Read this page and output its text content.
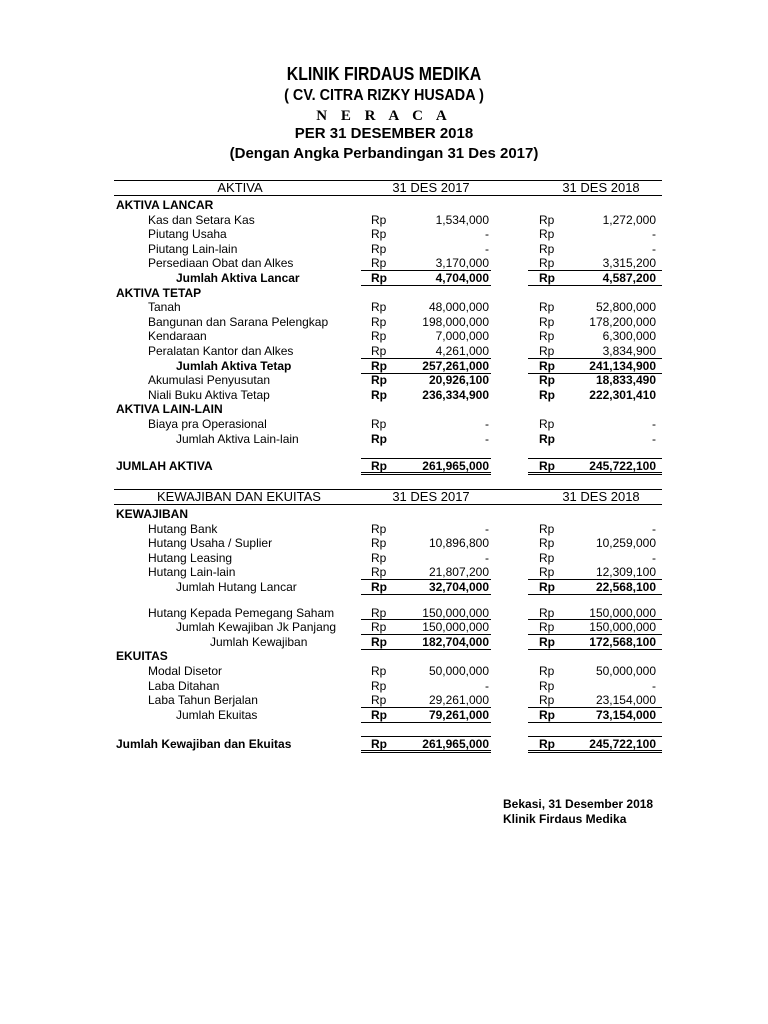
KLINIK FIRDAUS MEDIKA
( CV. CITRA RIZKY HUSADA )
N E R A C A
PER 31 DESEMBER 2018
(Dengan Angka Perbandingan 31 Des 2017)
AKTIVA	31 DES 2017	31 DES 2018
AKTIVA LANCAR
Kas dan Setara Kas	Rp	1,534,000	Rp	1,272,000
Piutang Usaha	Rp	-	Rp	-
Piutang Lain-lain	Rp	-	Rp	-
Persediaan Obat dan Alkes	Rp	3,170,000	Rp	3,315,200
Jumlah Aktiva Lancar	Rp	4,704,000	Rp	4,587,200
AKTIVA TETAP
Tanah	Rp	48,000,000	Rp	52,800,000
Bangunan dan Sarana Pelengkap	Rp	198,000,000	Rp	178,200,000
Kendaraan	Rp	7,000,000	Rp	6,300,000
Peralatan Kantor dan Alkes	Rp	4,261,000	Rp	3,834,900
Jumlah Aktiva Tetap	Rp	257,261,000	Rp	241,134,900
Akumulasi Penyusutan	Rp	20,926,100	Rp	18,833,490
Niali Buku Aktiva Tetap	Rp	236,334,900	Rp	222,301,410
AKTIVA LAIN-LAIN
Biaya pra Operasional	Rp	-	Rp	-
Jumlah Aktiva Lain-lain	Rp	-	Rp	-
JUMLAH AKTIVA	Rp	261,965,000	Rp	245,722,100
KEWAJIBAN DAN EKUITAS	31 DES 2017	31 DES 2018
KEWAJIBAN
Hutang Bank	Rp	-	Rp	-
Hutang Usaha / Suplier	Rp	10,896,800	Rp	10,259,000
Hutang Leasing	Rp	-	Rp	-
Hutang Lain-lain	Rp	21,807,200	Rp	12,309,100
Jumlah Hutang Lancar	Rp	32,704,000	Rp	22,568,100
Hutang Kepada Pemegang Saham	Rp	150,000,000	Rp	150,000,000
Jumlah Kewajiban Jk Panjang	Rp	150,000,000	Rp	150,000,000
Jumlah Kewajiban	Rp	182,704,000	Rp	172,568,100
EKUITAS
Modal Disetor	Rp	50,000,000	Rp	50,000,000
Laba Ditahan	Rp	-	Rp	-
Laba Tahun Berjalan	Rp	29,261,000	Rp	23,154,000
Jumlah Ekuitas	Rp	79,261,000	Rp	73,154,000
Jumlah Kewajiban dan Ekuitas	Rp	261,965,000	Rp	245,722,100
Bekasi, 31 Desember 2018
Klinik Firdaus Medika
